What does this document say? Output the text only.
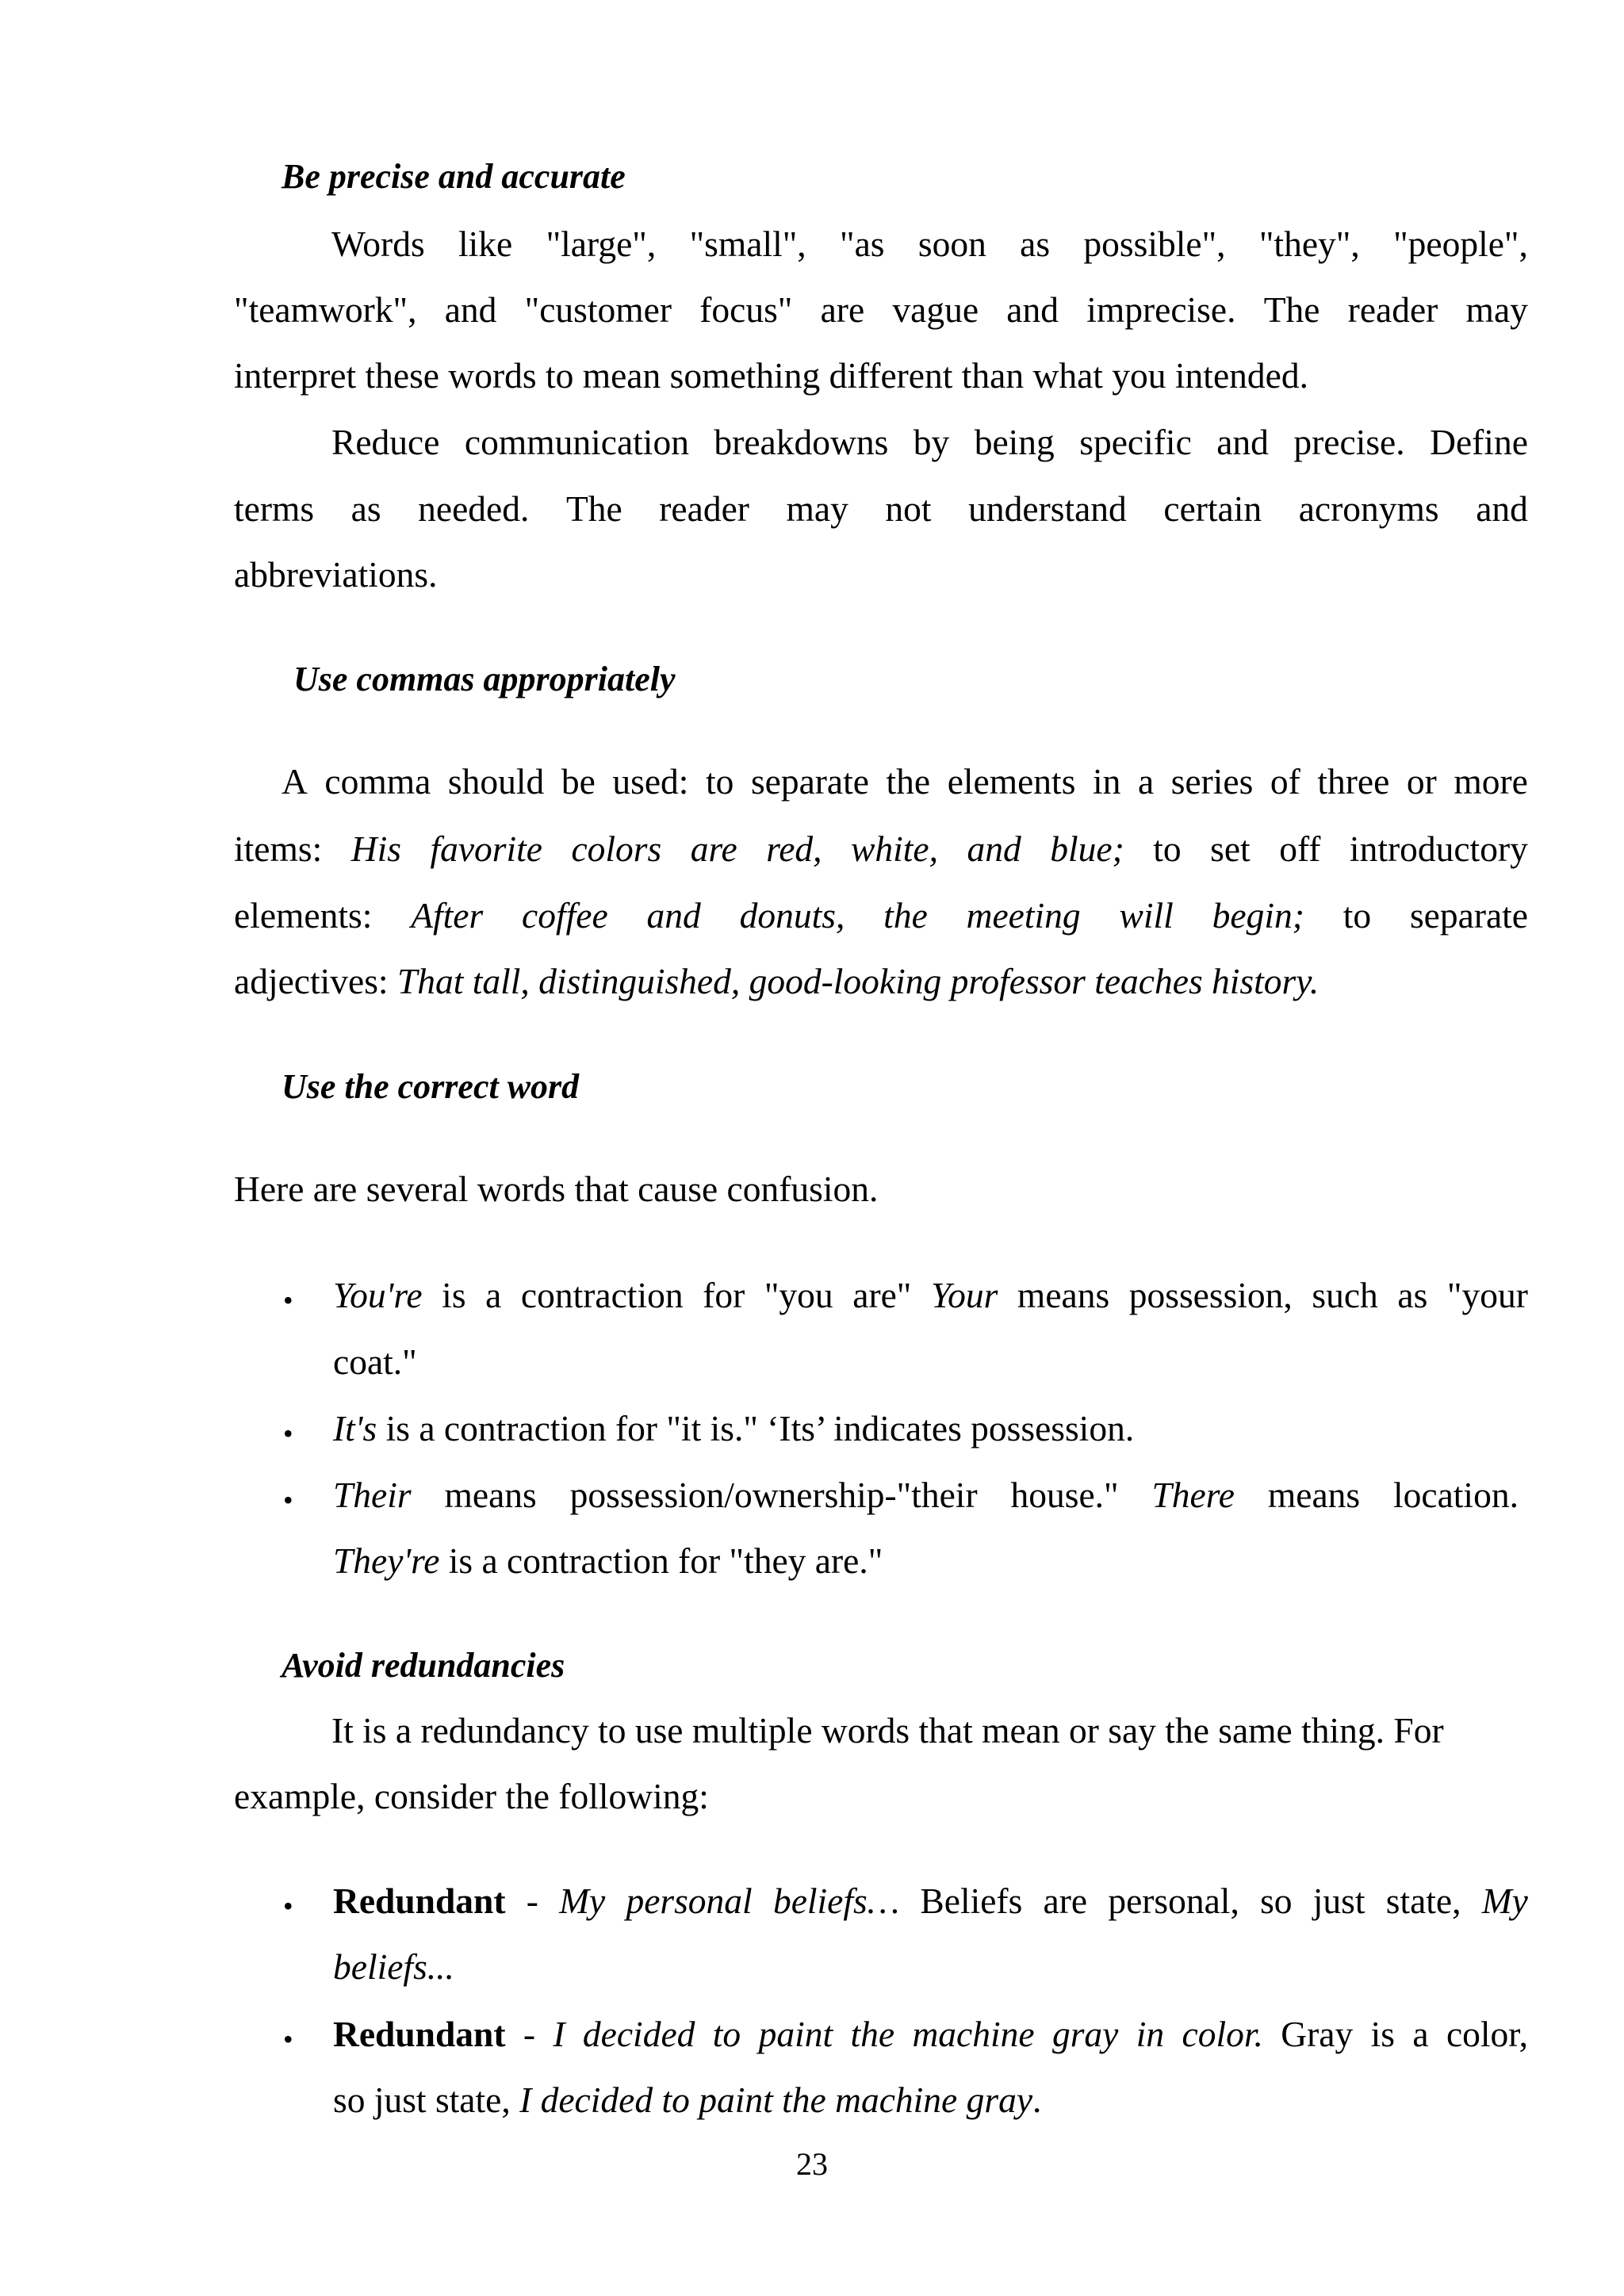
Be precise and accurate
Words like "large", "small", "as soon as possible", "they", "people",
"teamwork", and "customer focus" are vague and imprecise. The reader may
interpret these words to mean something different than what you intended.
Reduce communication breakdowns by being specific and precise. Define
terms as needed. The reader may not understand certain acronyms and
abbreviations.
Use commas appropriately
A comma should be used: to separate the elements in a series of three or more
items: His favorite colors are red, white, and blue; to set off introductory
elements: After coffee and donuts, the meeting will begin; to separate
adjectives: That tall, distinguished, good-looking professor teaches history.
Use the correct word
Here are several words that cause confusion.
• You're is a contraction for "you are" Your means possession, such as "your
coat."
• It's is a contraction for "it is." ‘Its’ indicates possession.
• Their means possession/ownership-"their house." There means location.
They're is a contraction for "they are."
Avoid redundancies
It is a redundancy to use multiple words that mean or say the same thing. For
example, consider the following:
• Redundant - My personal beliefs… Beliefs are personal, so just state, My
beliefs...
• Redundant - I decided to paint the machine gray in color. Gray is a color,
so just state, I decided to paint the machine gray.
23
